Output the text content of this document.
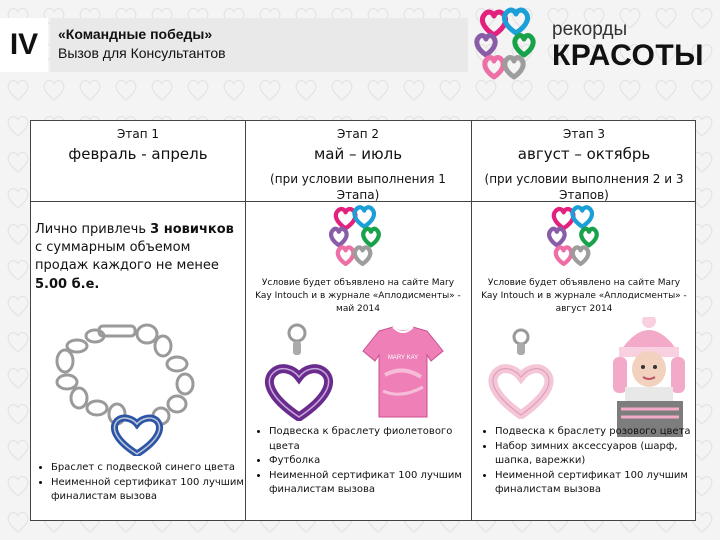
IV	«Командные победы»
Вызов для Консультантов
рекорды
КРАСОТЫ
Этап 1
февраль - апрель
Этап 2
май – июль
(при условии выполнения 1 Этапа)
Этап 3
август – октябрь
(при условии выполнения 2 и 3 Этапов)
Лично привлечь 3 новичков с суммарным объемом продаж каждого не менее 5.00 б.е.
• Браслет с подвеской синего цвета
• Неименной сертификат 100 лучшим финалистам вызова
Условие будет объявлено на сайте Mary Kay Intouch и в журнале «Аплодисменты» - май 2014
MARY KAY
• Подвеска к браслету фиолетового цвета
• Футболка
• Неименной сертификат 100 лучшим финалистам вызова
Условие будет объявлено на сайте Mary Kay Intouch и в журнале «Аплодисменты» - август 2014
• Подвеска к браслету розового цвета
• Набор зимних аксессуаров (шарф, шапка, варежки)
• Неименной сертификат 100 лучшим финалистам вызова
